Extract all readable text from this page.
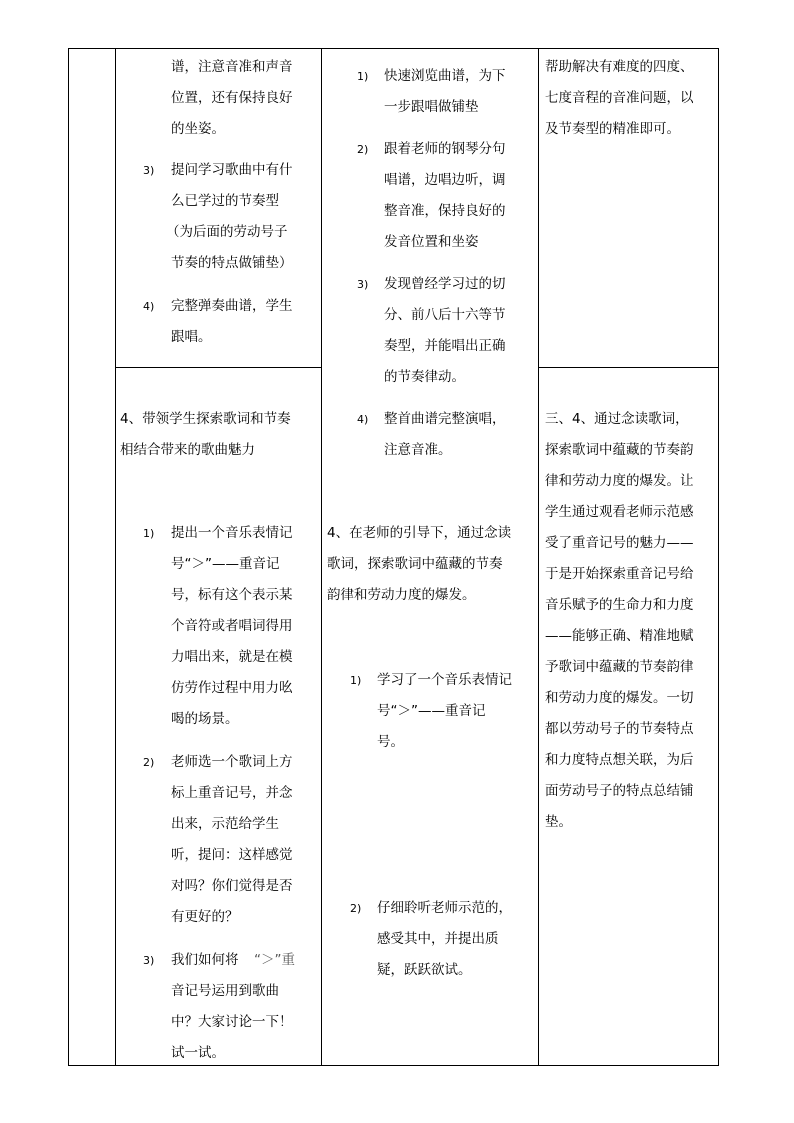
谱，注意音准和声音
位置，还有保持良好
的坐姿。
3) 提问学习歌曲中有什
么已学过的节奏型
（为后面的劳动号子
节奏的特点做铺垫）
4) 完整弹奏曲谱，学生
跟唱。
4、带领学生探索歌词和节奏
相结合带来的歌曲魅力
1) 提出一个音乐表情记
号“＞”——重音记
号，标有这个表示某
个音符或者唱词得用
力唱出来，就是在模
仿劳作过程中用力吆
喝的场景。
2) 老师选一个歌词上方
标上重音记号，并念
出来，示范给学生
听，提问：这样感觉
对吗？你们觉得是否
有更好的？
3) 我们如何将 “＞”重
音记号运用到歌曲
中？大家讨论一下！
试一试。
1) 快速浏览曲谱，为下
一步跟唱做铺垫
2) 跟着老师的钢琴分句
唱谱，边唱边听，调
整音准，保持良好的
发音位置和坐姿
3) 发现曾经学习过的切
分、前八后十六等节
奏型，并能唱出正确
的节奏律动。
4) 整首曲谱完整演唱，
注意音准。
4、在老师的引导下，通过念读
歌词，探索歌词中蕴藏的节奏
韵律和劳动力度的爆发。
1) 学习了一个音乐表情记
号“＞”——重音记
号。
2) 仔细聆听老师示范的，
感受其中，并提出质
疑，跃跃欲试。
帮助解决有难度的四度、
七度音程的音准问题，以
及节奏型的精准即可。
三、4、通过念读歌词，
探索歌词中蕴藏的节奏韵
律和劳动力度的爆发。让
学生通过观看老师示范感
受了重音记号的魅力——
于是开始探索重音记号给
音乐赋予的生命力和力度
——能够正确、精准地赋
予歌词中蕴藏的节奏韵律
和劳动力度的爆发。一切
都以劳动号子的节奏特点
和力度特点想关联，为后
面劳动号子的特点总结铺
垫。
